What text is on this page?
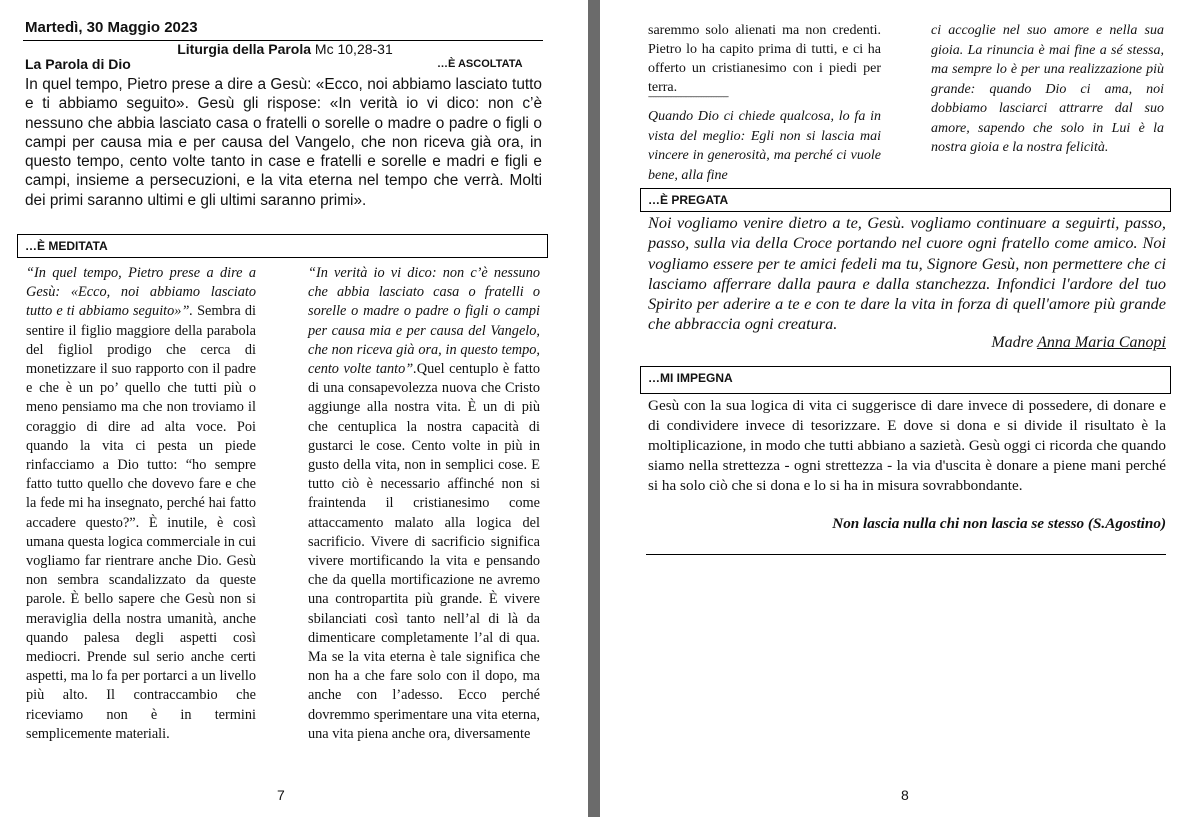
Martedì, 30 Maggio 2023
Liturgia della Parola Mc 10,28-31
La Parola di Dio	…È ASCOLTATA

In quel tempo, Pietro prese a dire a Gesù: «Ecco, noi abbiamo lasciato tutto e ti abbiamo seguito». Gesù gli rispose: «In verità io vi dico: non c’è nessuno che abbia lasciato casa o fratelli o sorelle o madre o padre o figli o campi per causa mia e per causa del Vangelo, che non riceva già ora, in questo tempo, cento volte tanto in case e fratelli e sorelle e madri e figli e campi, insieme a persecuzioni, e la vita eterna nel tempo che verrà. Molti dei primi saranno ultimi e gli ultimi saranno primi».

…È MEDITATA

“In quel tempo, Pietro prese a dire a Gesù: «Ecco, noi abbiamo lasciato tutto e ti abbiamo seguito»”. Sembra di sentire il figlio maggiore della parabola del figliol prodigo che cerca di monetizzare il suo rapporto con il padre e che è un po’ quello che tutti più o meno pensiamo ma che non troviamo il coraggio di dire ad alta voce. Poi quando la vita ci pesta un piede rinfacciamo a Dio tutto: “ho sempre fatto tutto quello che dovevo fare e che la fede mi ha insegnato, perché hai fatto accadere questo?”. È inutile, è così umana questa logica commerciale in cui vogliamo far rientrare anche Dio. Gesù non sembra scandalizzato da queste parole. È bello sapere che Gesù non si meraviglia della nostra umanità, anche quando palesa degli aspetti così mediocri. Prende sul serio anche certi aspetti, ma lo fa per portarci a un livello più alto. Il contraccambio che riceviamo non è in termini semplicemente materiali.

“In verità io vi dico: non c’è nessuno che abbia lasciato casa o fratelli o sorelle o madre o padre o figli o campi per causa mia e per causa del Vangelo, che non riceva già ora, in questo tempo, cento volte tanto”.Quel centuplo è fatto di una consapevolezza nuova che Cristo aggiunge alla nostra vita. È un di più che centuplica la nostra capacità di gustarci le cose. Cento volte in più in gusto della vita, non in semplici cose. E tutto ciò è necessario affinché non si fraintenda il cristianesimo come attaccamento malato alla logica del sacrificio. Vivere di sacrificio significa vivere mortificando la vita e pensando che da quella mortificazione ne avremo una contropartita più grande. È vivere sbilanciati così tanto nell’al di là da dimenticare completamente l’al di qua. Ma se la vita eterna è tale significa che non ha a che fare solo con il dopo, ma anche con l’adesso. Ecco perché dovremmo sperimentare una vita eterna, una vita piena anche ora, diversamente

7

saremmo solo alienati ma non credenti. Pietro lo ha capito prima di tutti, e ci ha offerto un cristianesimo con i piedi per terra.

------------------------------------------------

Quando Dio ci chiede qualcosa, lo fa in vista del meglio: Egli non si lascia mai vincere in generosità, ma perché ci vuole bene, alla fine

ci accoglie nel suo amore e nella sua gioia. La rinuncia è mai fine a sé stessa, ma sempre lo è per una realizzazione più grande: quando Dio ci ama, noi dobbiamo lasciarci attrarre dal suo amore, sapendo che solo in Lui è la nostra gioia e la nostra felicità.

…È PREGATA

Noi vogliamo venire dietro a te, Gesù. vogliamo continuare a seguirti, passo, passo, sulla via della Croce portando nel cuore ogni fratello come amico. Noi vogliamo essere per te amici fedeli ma tu, Signore Gesù, non permettere che ci lasciamo afferrare dalla paura e dalla stanchezza. Infondici l'ardore del tuo Spirito per aderire a te e con te dare la vita in forza di quell'amore più grande che abbraccia ogni creatura.

Madre Anna Maria Canopi
…MI IMPEGNA

Gesù con la sua logica di vita ci suggerisce di dare invece di possedere, di donare e di condividere invece di tesorizzare. E dove si dona e si divide il risultato è la moltiplicazione, in modo che tutti abbiano a sazietà. Gesù oggi ci ricorda che quando siamo nella strettezza - ogni strettezza - la via d'uscita è donare a piene mani perché si ha solo ciò che si dona e lo si ha in misura sovrabbondante.

Non lascia nulla chi non lascia se stesso (S.Agostino)
8
